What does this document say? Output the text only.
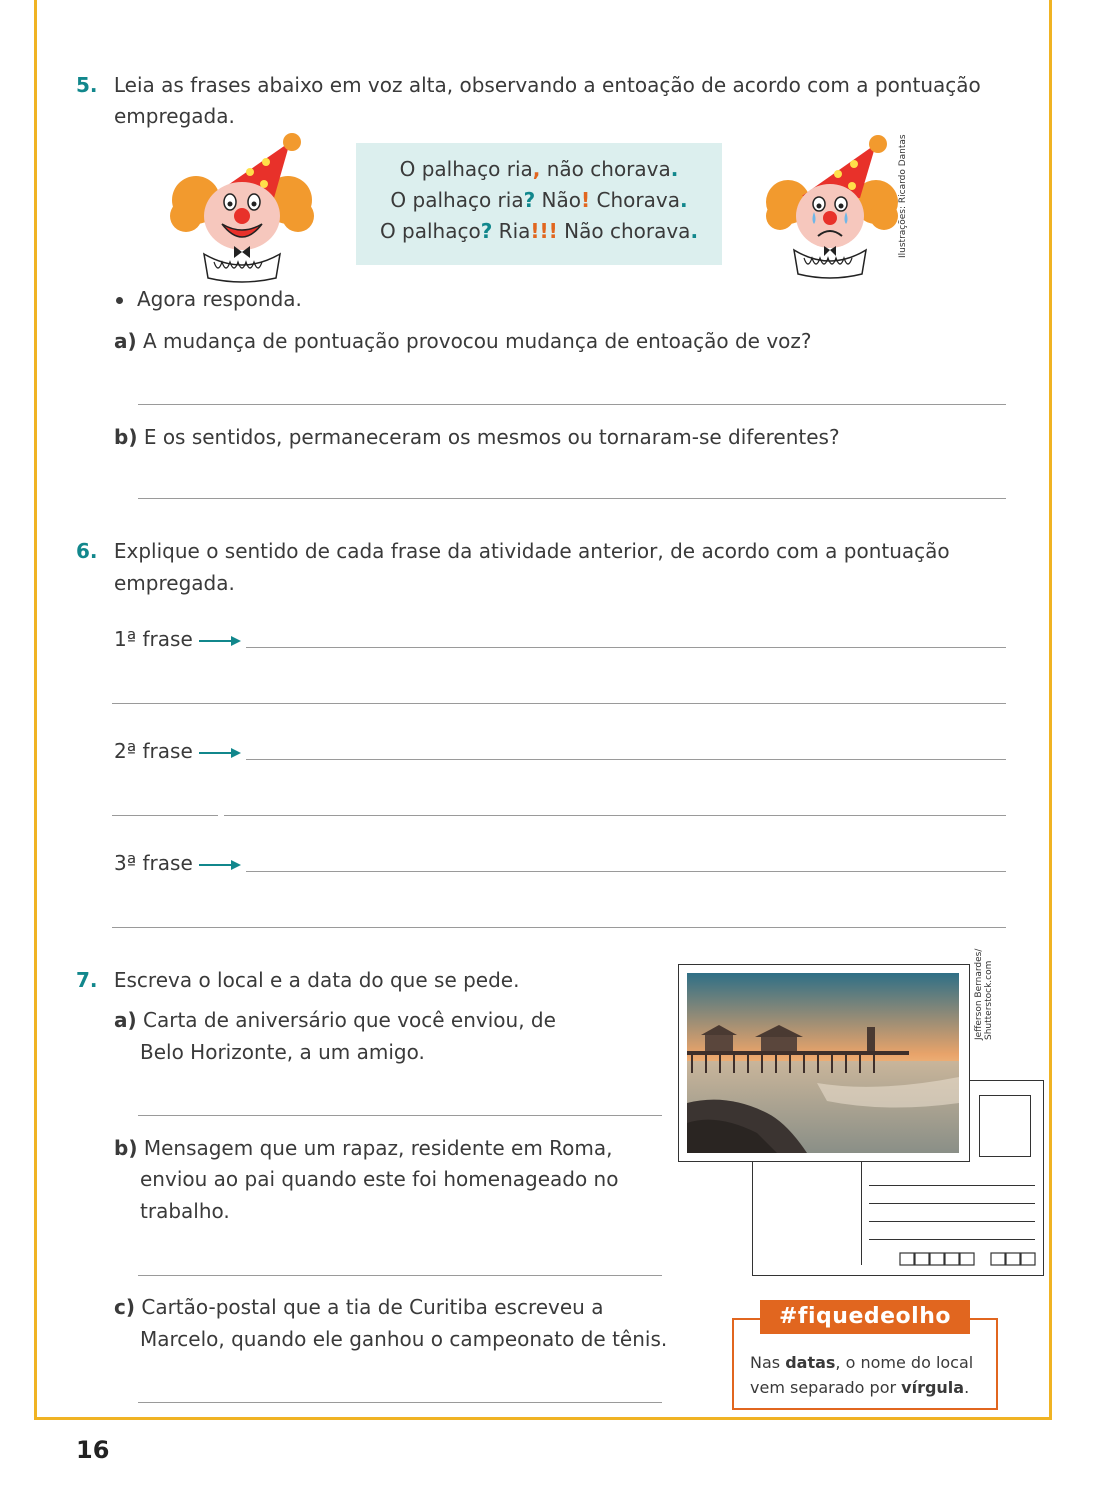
5. Leia as frases abaixo em voz alta, observando a entoação de acordo com a pontuação
empregada.
O palhaço ria, não chorava.
O palhaço ria? Não! Chorava.
O palhaço? Ria!!! Não chorava.	Ilustrações: Ricardo Dantas
Agora responda.
a) A mudança de pontuação provocou mudança de entoação de voz?
b) E os sentidos, permaneceram os mesmos ou tornaram-se diferentes?
6. Explique o sentido de cada frase da atividade anterior, de acordo com a pontuação
empregada.
1ª frase
2ª frase
3ª frase
7. Escreva o local e a data do que se pede.
a) Carta de aniversário que você enviou, de
Belo Horizonte, a um amigo.
b) Mensagem que um rapaz, residente em Roma,
enviou ao pai quando este foi homenageado no
trabalho.
c) Cartão-postal que a tia de Curitiba escreveu a
Marcelo, quando ele ganhou o campeonato de tênis.
Jefferson Bernardes/ Shutterstock.com
Nas datas, o nome do local
vem separado por vírgula.
#fiquedeolho
16
